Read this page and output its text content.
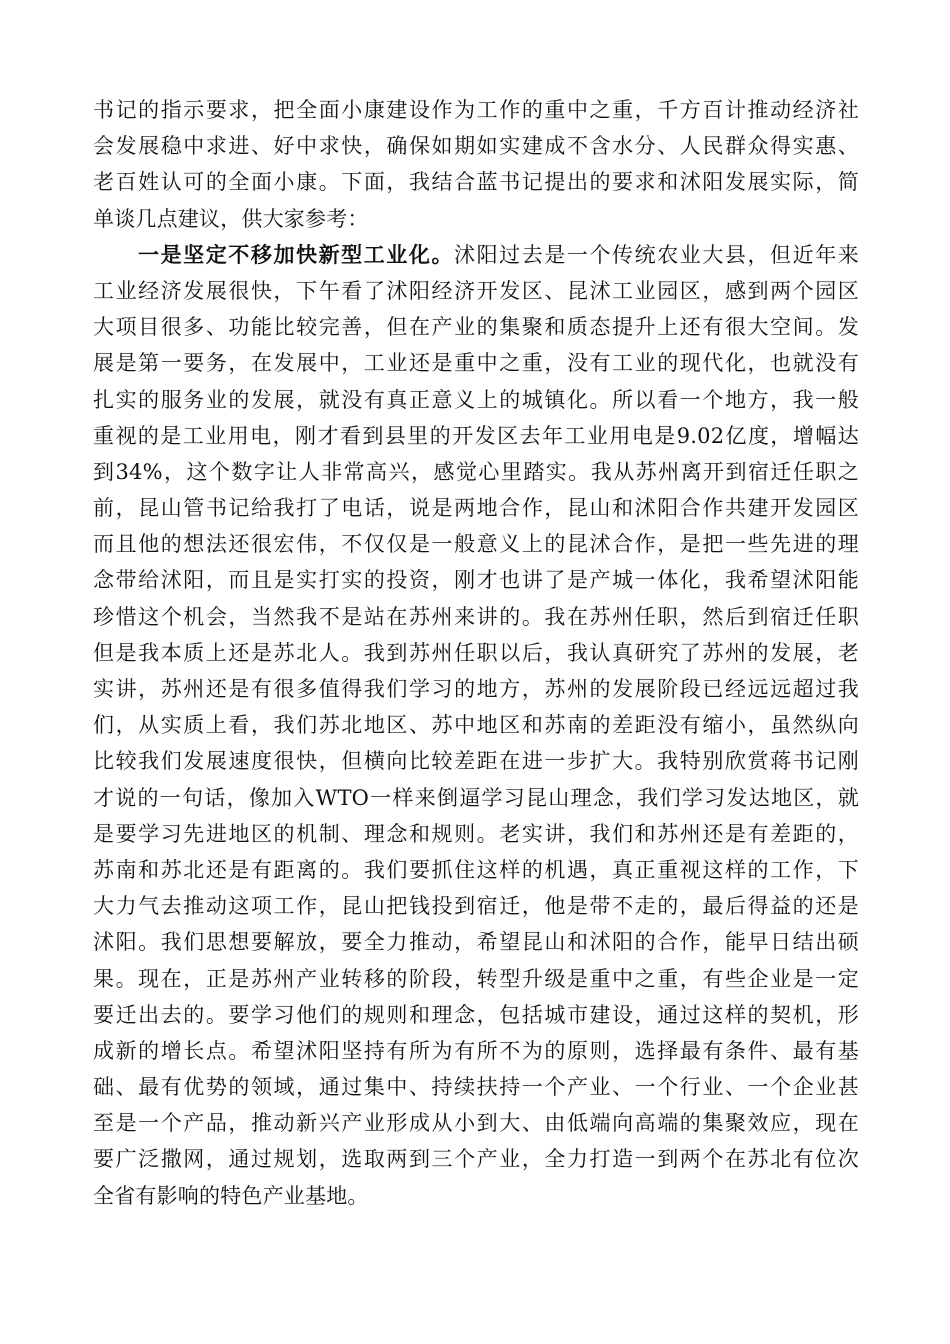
书记的指示要求，把全面小康建设作为工作的重中之重，千方百计推动经济社
会发展稳中求进、好中求快，确保如期如实建成不含水分、人民群众得实惠、
老百姓认可的全面小康。下面，我结合蓝书记提出的要求和沭阳发展实际，简
单谈几点建议，供大家参考：
一是坚定不移加快新型工业化。沭阳过去是一个传统农业大县，但近年来
工业经济发展很快，下午看了沭阳经济开发区、昆沭工业园区，感到两个园区
大项目很多、功能比较完善，但在产业的集聚和质态提升上还有很大空间。发
展是第一要务，在发展中，工业还是重中之重，没有工业的现代化，也就没有
扎实的服务业的发展，就没有真正意义上的城镇化。所以看一个地方，我一般
重视的是工业用电，刚才看到县里的开发区去年工业用电是9.02亿度，增幅达
到34%，这个数字让人非常高兴，感觉心里踏实。我从苏州离开到宿迁任职之
前，昆山管书记给我打了电话，说是两地合作，昆山和沭阳合作共建开发园区
而且他的想法还很宏伟，不仅仅是一般意义上的昆沭合作，是把一些先进的理
念带给沭阳，而且是实打实的投资，刚才也讲了是产城一体化，我希望沭阳能
珍惜这个机会，当然我不是站在苏州来讲的。我在苏州任职，然后到宿迁任职
但是我本质上还是苏北人。我到苏州任职以后，我认真研究了苏州的发展，老
实讲，苏州还是有很多值得我们学习的地方，苏州的发展阶段已经远远超过我
们，从实质上看，我们苏北地区、苏中地区和苏南的差距没有缩小，虽然纵向
比较我们发展速度很快，但横向比较差距在进一步扩大。我特别欣赏蒋书记刚
才说的一句话，像加入WTO一样来倒逼学习昆山理念，我们学习发达地区，就
是要学习先进地区的机制、理念和规则。老实讲，我们和苏州还是有差距的，
苏南和苏北还是有距离的。我们要抓住这样的机遇，真正重视这样的工作，下
大力气去推动这项工作，昆山把钱投到宿迁，他是带不走的，最后得益的还是
沭阳。我们思想要解放，要全力推动，希望昆山和沭阳的合作，能早日结出硕
果。现在，正是苏州产业转移的阶段，转型升级是重中之重，有些企业是一定
要迁出去的。要学习他们的规则和理念，包括城市建设，通过这样的契机，形
成新的增长点。希望沭阳坚持有所为有所不为的原则，选择最有条件、最有基
础、最有优势的领域，通过集中、持续扶持一个产业、一个行业、一个企业甚
至是一个产品，推动新兴产业形成从小到大、由低端向高端的集聚效应，现在
要广泛撒网，通过规划，选取两到三个产业，全力打造一到两个在苏北有位次
全省有影响的特色产业基地。
